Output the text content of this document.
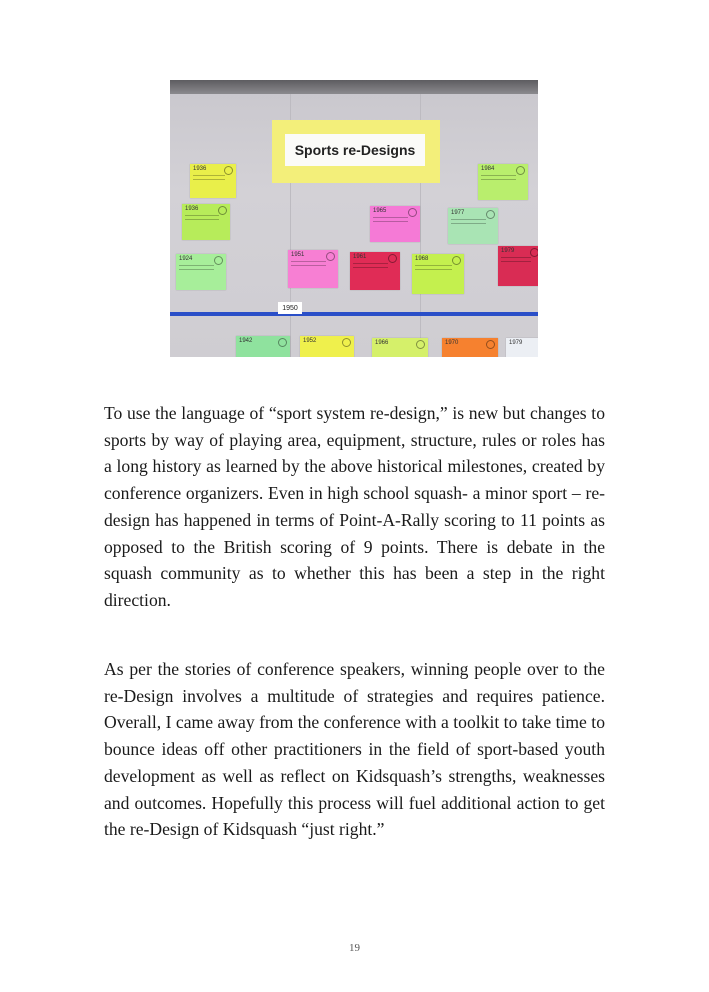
Sports re-Designs
1936
1936
1924
1951	1961
1965
1968
1977
1984
1979
1950
1942	1952	1966	1970	1979

To use the language of “sport system re-design,” is new but changes to sports by way of playing area, equipment, structure, rules or roles has a long history as learned by the above historical milestones, created by conference organizers. Even in high school squash- a minor sport – re-design has happened in terms of Point-A-Rally scoring to 11 points as opposed to the British scoring of 9 points. There is debate in the squash community as to whether this has been a step in the right direction.

As per the stories of conference speakers, winning people over to the re-Design involves a multitude of strategies and requires patience. Overall, I came away from the conference with a toolkit to take time to bounce ideas off other practitioners in the field of sport-based youth development as well as reflect on Kidsquash’s strengths, weaknesses and outcomes. Hopefully this process will fuel additional action to get the re-Design of Kidsquash “just right.”

19
